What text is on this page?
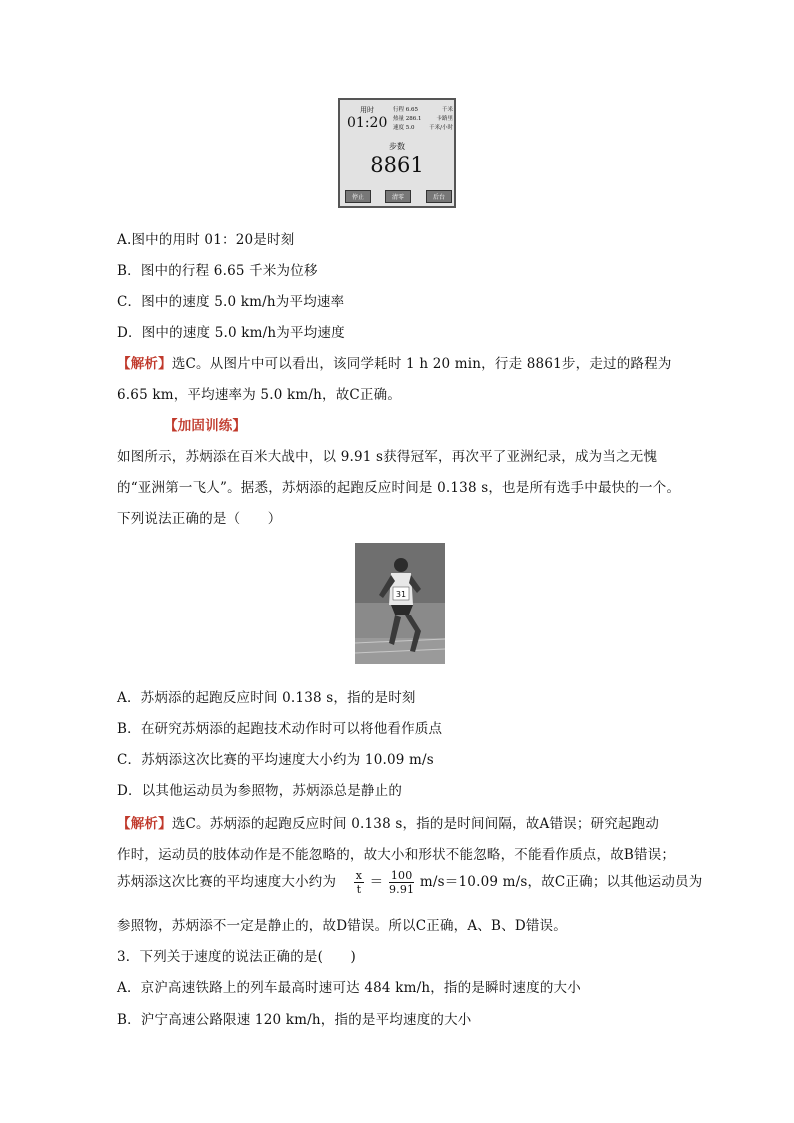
用时
01:20
行程 6.65	千米
热量 286.1	卡路里
速度 5.0	千米/小时
步数
8861
停止	清零	后台
A.图中的用时 01：20是时刻
B．图中的行程 6.65 千米为位移
C．图中的速度 5.0 km/h为平均速率
D．图中的速度 5.0 km/h为平均速度
【解析】选C。从图片中可以看出，该同学耗时 1 h 20 min，行走 8861步，走过的路程为
6.65 km，平均速率为 5.0 km/h，故C正确。
【加固训练】
如图所示，苏炳添在百米大战中，以 9.91 s获得冠军，再次平了亚洲纪录，成为当之无愧
的“亚洲第一飞人”。据悉，苏炳添的起跑反应时间是 0.138 s，也是所有选手中最快的一个。
下列说法正确的是（　　）
31
A．苏炳添的起跑反应时间 0.138 s，指的是时刻
B．在研究苏炳添的起跑技术动作时可以将他看作质点
C．苏炳添这次比赛的平均速度大小约为 10.09 m/s
D．以其他运动员为参照物，苏炳添总是静止的
【解析】选C。苏炳添的起跑反应时间 0.138 s，指的是时间间隔，故A错误；研究起跑动
作时，运动员的肢体动作是不能忽略的，故大小和形状不能忽略，不能看作质点，故B错误；
苏炳添这次比赛的平均速度大小约为 $\frac{x}{t} = \frac{100}{9.91} m/s=10.09$ m/s，故C正确；以其他运动员为
参照物，苏炳添不一定是静止的，故D错误。所以C正确，A、B、D错误。
3．下列关于速度的说法正确的是(　　)
A．京沪高速铁路上的列车最高时速可达 484 km/h，指的是瞬时速度的大小
B．沪宁高速公路限速 120 km/h，指的是平均速度的大小
